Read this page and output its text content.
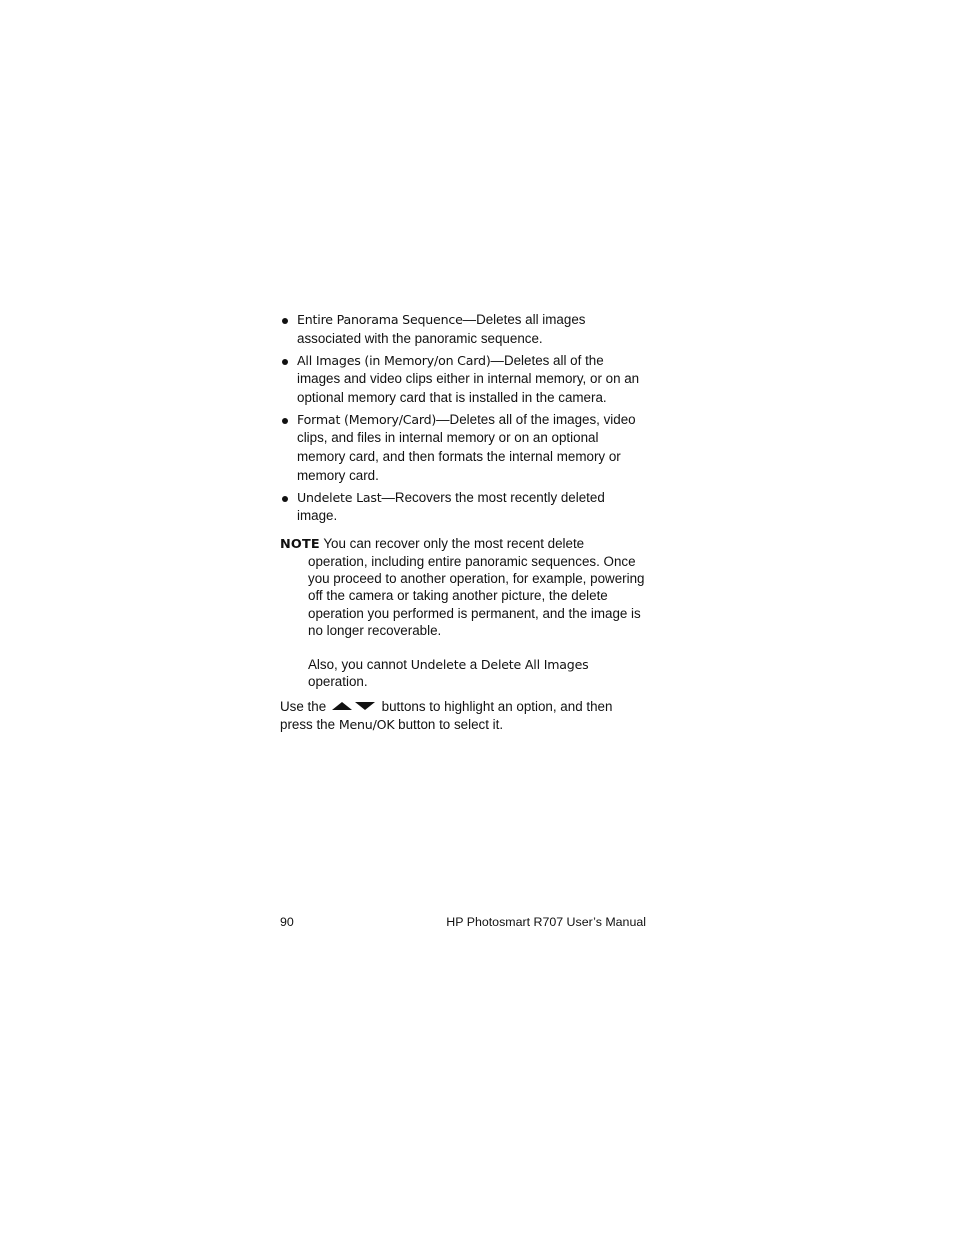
Entire Panorama Sequence—Deletes all images associated with the panoramic sequence.
All Images (in Memory/on Card)—Deletes all of the images and video clips either in internal memory, or on an optional memory card that is installed in the camera.
Format (Memory/Card)—Deletes all of the images, video clips, and files in internal memory or on an optional memory card, and then formats the internal memory or memory card.
Undelete Last—Recovers the most recently deleted image.
NOTE You can recover only the most recent delete operation, including entire panoramic sequences. Once you proceed to another operation, for example, powering off the camera or taking another picture, the delete operation you performed is permanent, and the image is no longer recoverable.
Also, you cannot Undelete a Delete All Images operation.
Use the	buttons to highlight an option, and then press the Menu/OK button to select it.
90	HP Photosmart R707 User’s Manual
